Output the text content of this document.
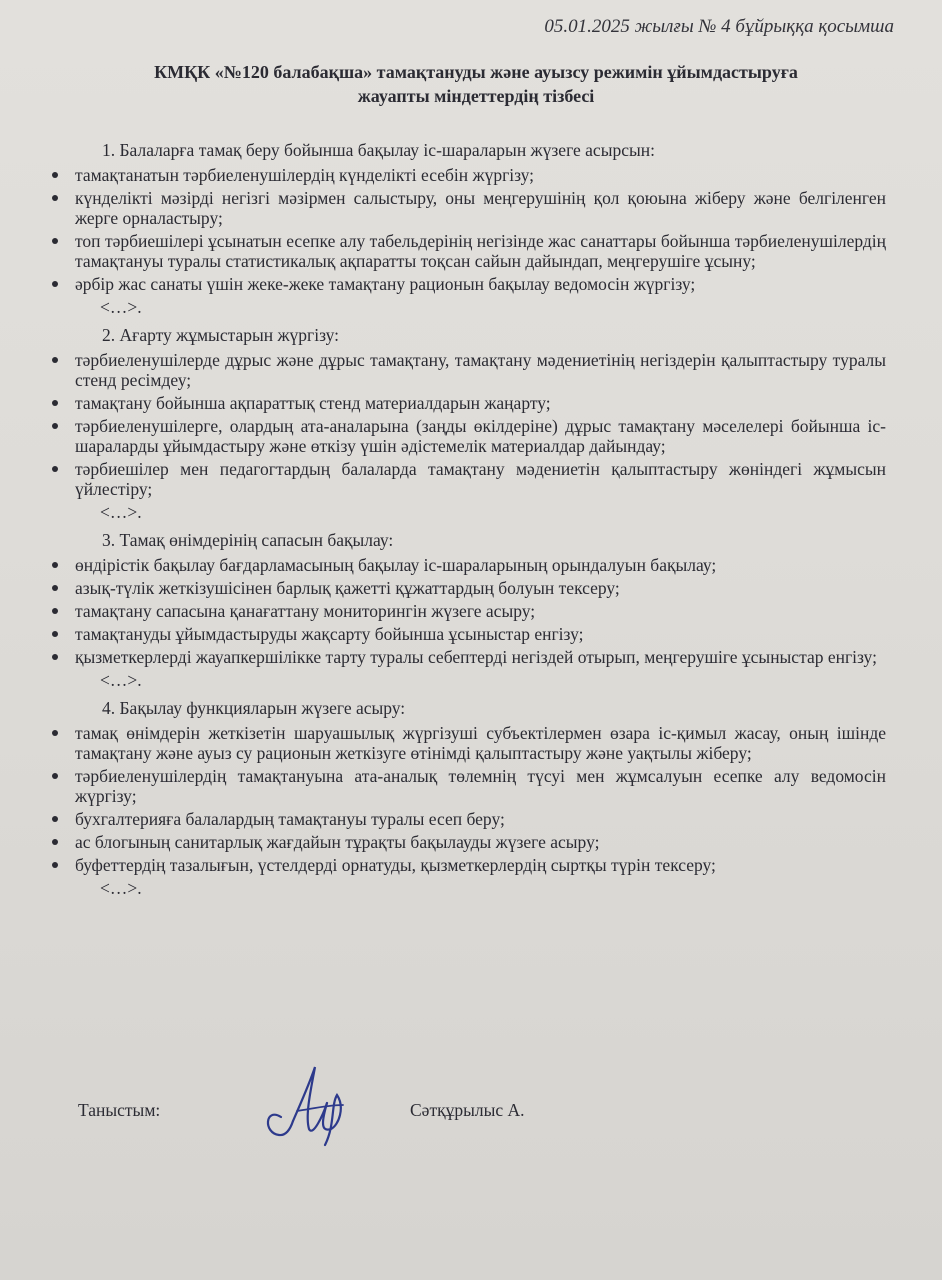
05.01.2025 жылғы № 4 бұйрыққа қосымша
КМҚК «№120 балабақша» тамақтануды және ауызсу режимін ұйымдастыруға
жауапты міндеттердің тізбесі

1. Балаларға тамақ беру бойынша бақылау іс-шараларын жүзеге асырсын:

тамақтанатын тәрбиеленушілердің күнделікті есебін жүргізу;
күнделікті мәзірді негізгі мәзірмен салыстыру, оны меңгерушінің қол қоюына жіберу және белгіленген жерге орналастыру;
топ тәрбиешілері ұсынатын есепке алу табельдерінің негізінде жас санаттары бойынша тәрбиеленушілердің тамақтануы туралы статистикалық ақпаратты тоқсан сайын дайындап, меңгерушіге ұсыну;
әрбір жас санаты үшін жеке-жеке тамақтану рационын бақылау ведомосін жүргізу;

<…>.

2. Ағарту жұмыстарын жүргізу:

тәрбиеленушілерде дұрыс және дұрыс тамақтану, тамақтану мәдениетінің негіздерін қалыптастыру туралы стенд ресімдеу;
тамақтану бойынша ақпараттық стенд материалдарын жаңарту;
тәрбиеленушілерге, олардың ата-аналарына (заңды өкілдеріне) дұрыс тамақтану мәселелері бойынша іс-шараларды ұйымдастыру және өткізу үшін әдістемелік материалдар дайындау;
тәрбиешілер мен педагогтардың балаларда тамақтану мәдениетін қалыптастыру жөніндегі жұмысын үйлестіру;

<…>.

3. Тамақ өнімдерінің сапасын бақылау:

өндірістік бақылау бағдарламасының бақылау іс-шараларының орындалуын бақылау;
азық-түлік жеткізушісінен барлық қажетті құжаттардың болуын тексеру;
тамақтану сапасына қанағаттану мониторингін жүзеге асыру;
тамақтануды ұйымдастыруды жақсарту бойынша ұсыныстар енгізу;
қызметкерлерді жауапкершілікке тарту туралы себептерді негіздей отырып, меңгерушіге ұсыныстар енгізу;

<…>.

4. Бақылау функцияларын жүзеге асыру:

тамақ өнімдерін жеткізетін шаруашылық жүргізуші субъектілермен өзара іс-қимыл жасау, оның ішінде тамақтану және ауыз су рационын жеткізуге өтінімді қалыптастыру және уақтылы жіберу;
тәрбиеленушілердің тамақтануына ата-аналық төлемнің түсуі мен жұмсалуын есепке алу ведомосін жүргізу;
бухгалтерияға балалардың тамақтануы туралы есеп беру;
ас блогының санитарлық жағдайын тұрақты бақылауды жүзеге асыру;
буфеттердің тазалығын, үстелдерді орнатуды, қызметкерлердің сыртқы түрін тексеру;

<…>.

Таныстым:	Сәтқұрылыс А.
